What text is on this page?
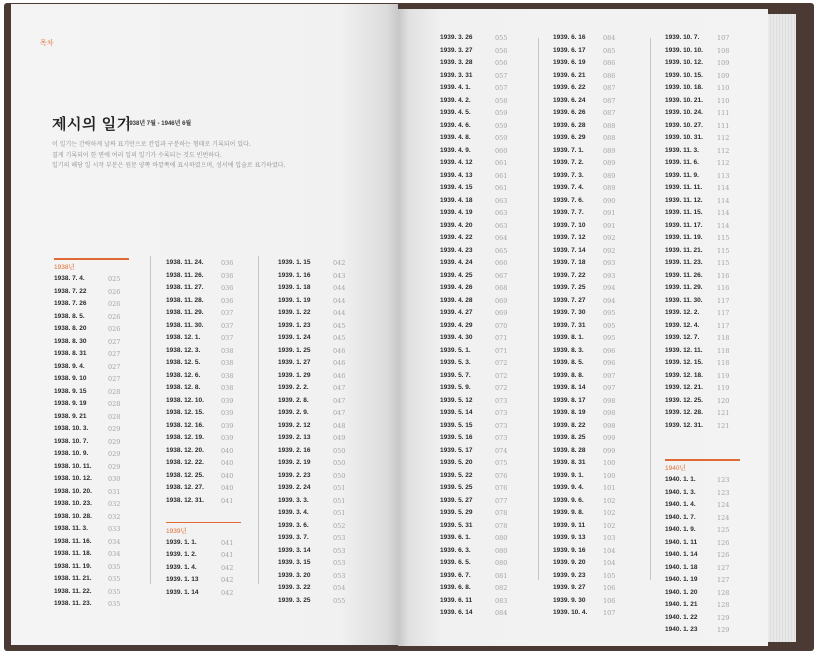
목차
제시의 일기
1938년 7월 - 1946년 6월

이 일기는 간략하게 날짜 표기만으로 칸입과 구분하는 형태로 기록되어 있다.

결게 기록되어 한 면에 여러 일의 일기가 수록되는 것도 빈번하다.

일기의 해당 일 시작 부분은 원문 양쪽 바깥쪽에 표시하였으며, 성서에 입술로 표기하였다.

1938년
1938. 7. 4.	025
1938. 7. 22	026
1938. 7. 26	026
1938. 8. 5.	026
1938. 8. 20	026
1938. 8. 30	027
1938. 8. 31	027
1938. 9. 4.	027
1938. 9. 10	027
1938. 9. 15	028
1938. 9. 19	028
1938. 9. 21	028
1938. 10. 3.	029
1938. 10. 7.	029
1938. 10. 9.	029
1938. 10. 11.	029
1938. 10. 12. 030
1938. 10. 20. 031
1938. 10. 23. 032
1938. 10. 28. 032
1938. 11. 3.	033
1938. 11. 16.	034
1938. 11. 18.	034
1938. 11. 19.	035
1938. 11. 21.	035
1938. 11. 22.	035
1938. 11. 23.	035
1938. 11. 24.	036
1938. 11. 26.	036
1938. 11. 27.	036
1938. 11. 28.	036
1938. 11. 29.	037
1938. 11. 30.	037
1938. 12. 1.	037
1938. 12. 3.	038
1938. 12. 5.	038
1938. 12. 6.	038
1938. 12. 8.	038
1938. 12. 10.	039
1938. 12. 15.	039
1938. 12. 16.	039
1938. 12. 19.	039
1938. 12. 20.	040
1938. 12. 22.	040
1938. 12. 25.	040
1938. 12. 27.	040
1938. 12. 31.	041
1939년
1939. 1. 1.	041
1939. 1. 2.	041
1939. 1. 4.	042
1939. 1. 13	042
1939. 1. 14	042
1939. 1. 15	042
1939. 1. 16	043
1939. 1. 18	044
1939. 1. 19	044
1939. 1. 22	044
1939. 1. 23	045
1939. 1. 24	045
1939. 1. 25	046
1939. 1. 27	046
1939. 1. 29	046
1939. 2. 2.	047
1939. 2. 8.	047
1939. 2. 9.	047
1939. 2. 12	048
1939. 2. 13	049
1939. 2. 16	050
1939. 2. 19	050
1939. 2. 23	050
1939. 2. 24	051
1939. 3. 3.	051
1939. 3. 4.	051
1939. 3. 6.	052
1939. 3. 7.	053
1939. 3. 14	053
1939. 3. 15	053
1939. 3. 20	053
1939. 3. 22	054
1939. 3. 25	055
1939. 3. 26	055
1939. 3. 27	056
1939. 3. 28	056
1939. 3. 31	057
1939. 4. 1.	057
1939. 4. 2.	058
1939. 4. 5.	059
1939. 4. 6.	059
1939. 4. 8.	059
1939. 4. 9.	060
1939. 4. 12	061
1939. 4. 13	061
1939. 4. 15	061
1939. 4. 18	063
1939. 4. 19	063
1939. 4. 20	063
1939. 4. 22	064
1939. 4. 23	065
1939. 4. 24	066
1939. 4. 25	067
1939. 4. 26	068
1939. 4. 28	069
1939. 4. 27	069
1939. 4. 29	070
1939. 4. 30	071
1939. 5. 1.	071
1939. 5. 3.	072
1939. 5. 7.	072
1939. 5. 9.	072
1939. 5. 12	073
1939. 5. 14	073
1939. 5. 15	073
1939. 5. 16	073
1939. 5. 17	074
1939. 5. 20	075
1939. 5. 22	076
1939. 5. 25	076
1939. 5. 27	077
1939. 5. 29	078
1939. 5. 31	078
1939. 6. 1.	080
1939. 6. 3.	080
1939. 6. 5.	080
1939. 6. 7.	081
1939. 6. 8.	082
1939. 6. 11	083
1939. 6. 14	084
1939. 6. 16	084
1939. 6. 17	085
1939. 6. 19	086
1939. 6. 21	086
1939. 6. 22	087
1939. 6. 24	087
1939. 6. 26	087
1939. 6. 28	088
1939. 6. 29	088
1939. 7. 1.	089
1939. 7. 2.	089
1939. 7. 3.	089
1939. 7. 4.	089
1939. 7. 6.	090
1939. 7. 7.	091
1939. 7. 10	091
1939. 7. 12	092
1939. 7. 14	092
1939. 7. 18	093
1939. 7. 22	093
1939. 7. 25	094
1939. 7. 27	094
1939. 7. 30	095
1939. 7. 31	095
1939. 8. 1.	095
1939. 8. 3.	096
1939. 8. 5.	096
1939. 8. 8.	097
1939. 8. 14	097
1939. 8. 17	098
1939. 8. 19	098
1939. 8. 22	098
1939. 8. 25	099
1939. 8. 28	099
1939. 8. 31	100
1939. 9. 1.	100
1939. 9. 4.	101
1939. 9. 6.	102
1939. 9. 8.	102
1939. 9. 11	102
1939. 9. 13	103
1939. 9. 16	104
1939. 9. 20	104
1939. 9. 23	105
1939. 9. 27	106
1939. 9. 30	106
1939. 10. 4. 107
1939. 10. 7.	107
1939. 10. 10. 108
1939. 10. 12. 109
1939. 10. 15. 109
1939. 10. 18. 110
1939. 10. 21. 110
1939. 10. 24. 111
1939. 10. 27. 111
1939. 10. 31. 112
1939. 11. 3.	112
1939. 11. 6.	112
1939. 11. 9.	113
1939. 11. 11. 114
1939. 11. 12. 114
1939. 11. 15. 114
1939. 11. 17. 114
1939. 11. 19. 115
1939. 11. 21. 115
1939. 11. 23. 115
1939. 11. 26. 116
1939. 11. 29. 116
1939. 11. 30. 117
1939. 12. 2.	117
1939. 12. 4.	117
1939. 12. 7.	118
1939. 12. 11. 118
1939. 12. 15. 118
1939. 12. 18. 119
1939. 12. 21. 119
1939. 12. 25. 120
1939. 12. 28. 121
1939. 12. 31. 121
1940년
1940. 1. 1.	123
1940. 1. 3.	123
1940. 1. 4.	124
1940. 1. 7.	124
1940. 1. 9.	125
1940. 1. 11	126
1940. 1. 14	126
1940. 1. 18	127
1940. 1. 19	127
1940. 1. 20	128
1940. 1. 21	128
1940. 1. 22	129
1940. 1. 23	129
